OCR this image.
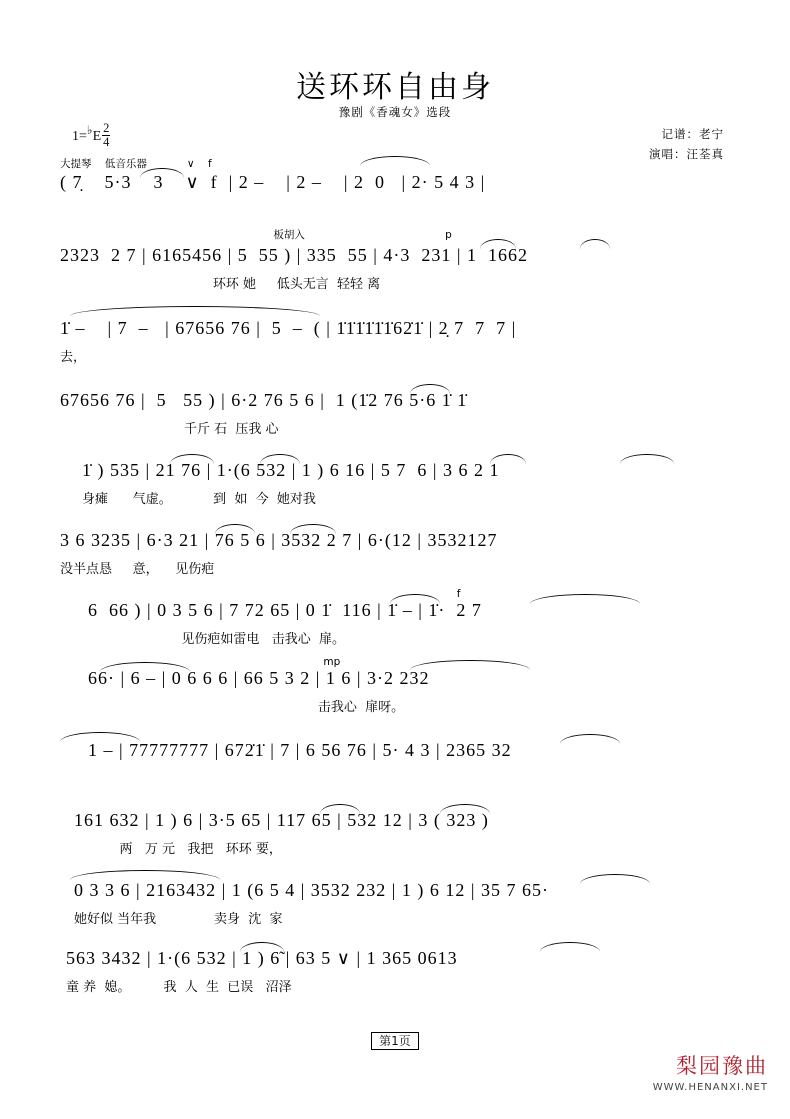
送环环自由身
豫剧《香魂女》选段
记谱：老宁
演唱：汪荃真
1=♭E $\frac{2}{4}$
大提琴    低音乐器            ∨    f
( 7̣    5·3    3    ∨  f  | 2 –    | 2 –    | 2  0   | 2· 5 4 3 |
板胡入                                          p
2323  2 7 | 6165456 | 5  55 ) | 335  55 | 4·3  231 | 1  1662
环环 她     低头无言  轻轻 离
1̇ –    | 7  –   | 67656 76 |  5  –  ( | 1̇1̇1̇1̇1̇1̇62̇1̇ | 2̣ 7  7  7 |
去，
67656 76 |  5   55 ) | 6·2 76 5 6 |  1 (1̇2 76 5·6 1̇ 1̇
千斤 石  压我 心
1̇ ) 535 | 21 76 | 1·(6 532 | 1 ) 6 16 | 5 7  6 | 3 6 2 1
身瘫      气虚。          到  如  今  她对我
3 6 3235 | 6·3 21 | 76 5 6 | 3532 2 7 | 6·(12 | 3532127
没半点恳     意，    见伤疤
f
6  66 ) | 0 3 5 6 | 7 72 65 | 0 1̇  116 | 1̇ – | 1̇·  2 7
见伤疤如雷电   击我心  扉。
mp
66· | 6 – | 0 6 6 6 | 66 5 3 2 | 1 6 | 3·2 232
击我心  扉呀。
1 – | 77777777 | 672̇1̇ | 7 | 6 56 76 | 5· 4 3 | 2365 32
161 632 | 1 ) 6 | 3·5 65 | 117 65 | 532 12 | 3 ( 323 )
两   万 元   我把   环环 要，
0 3 3 6 | 2163432 | 1 (6 5 4 | 3532 232 | 1 ) 6 12 | 35 7 65·
她好似 当年我              卖身  沈  家
563 3432 | 1·(6 532 | 1 ) 6̃ | 63 5 ∨ | 1 365 0613
童 养  媳。        我  人  生  已误   沼泽
第1页
梨园豫曲
WWW.HENANXI.NET
